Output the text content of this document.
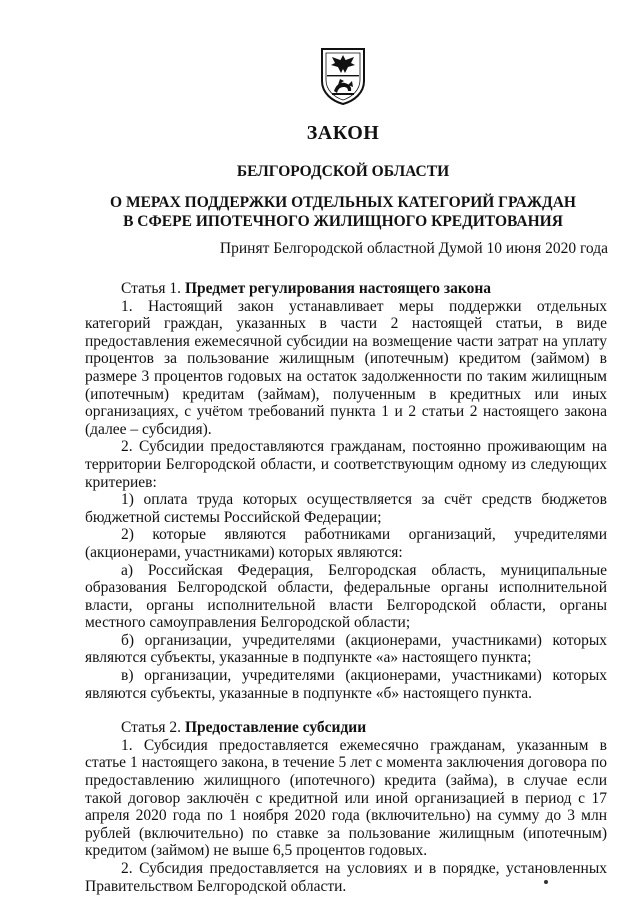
ЗАКОН
БЕЛГОРОДСКОЙ ОБЛАСТИ
О МЕРАХ ПОДДЕРЖКИ ОТДЕЛЬНЫХ КАТЕГОРИЙ ГРАЖДАН
В СФЕРЕ ИПОТЕЧНОГО ЖИЛИЩНОГО КРЕДИТОВАНИЯ
Принят Белгородской областной Думой 10 июня 2020 года

Статья 1. Предмет регулирования настоящего закона

1. Настоящий закон устанавливает меры поддержки отдельных категорий граждан, указанных в части 2 настоящей статьи, в виде предоставления ежемесячной субсидии на возмещение части затрат на уплату процентов за пользование жилищным (ипотечным) кредитом (займом) в размере 3 процентов годовых на остаток задолженности по таким жилищным (ипотечным) кредитам (займам), полученным в кредитных или иных организациях, с учётом требований пункта 1 и 2 статьи 2 настоящего закона (далее – субсидия).

2. Субсидии предоставляются гражданам, постоянно проживающим на территории Белгородской области, и соответствующим одному из следующих критериев:

1) оплата труда которых осуществляется за счёт средств бюджетов бюджетной системы Российской Федерации;

2) которые являются работниками организаций, учредителями (акционерами, участниками) которых являются:

а) Российская Федерация, Белгородская область, муниципальные образования Белгородской области, федеральные органы исполнительной власти, органы исполнительной власти Белгородской области, органы местного самоуправления Белгородской области;

б) организации, учредителями (акционерами, участниками) которых являются субъекты, указанные в подпункте «а» настоящего пункта;

в) организации, учредителями (акционерами, участниками) которых являются субъекты, указанные в подпункте «б» настоящего пункта.

Статья 2. Предоставление субсидии

1. Субсидия предоставляется ежемесячно гражданам, указанным в статье 1 настоящего закона, в течение 5 лет с момента заключения договора по предоставлению жилищного (ипотечного) кредита (займа), в случае если такой договор заключён с кредитной или иной организацией в период с 17 апреля 2020 года по 1 ноября 2020 года (включительно) на сумму до 3 млн рублей (включительно) по ставке за пользование жилищным (ипотечным) кредитом (займом) не выше 6,5 процентов годовых.

2. Субсидия предоставляется на условиях и в порядке, установленных Правительством Белгородской области.
